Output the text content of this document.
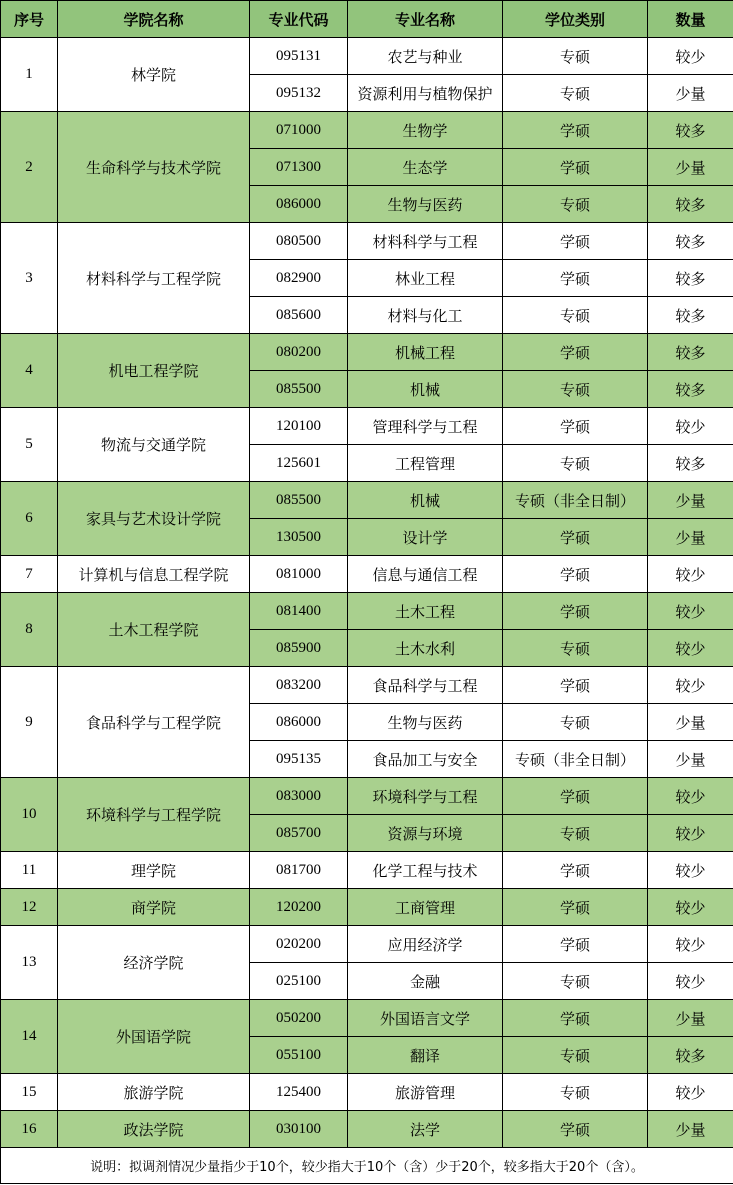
序号	学院名称	专业代码	专业名称	学位类别	数量
1	林学院	095131	农艺与种业	专硕	较少
		095132	资源利用与植物保护	专硕	少量
2	生命科学与技术学院	071000	生物学	学硕	较多
		071300	生态学	学硕	少量
		086000	生物与医药	专硕	较多
3	材料科学与工程学院	080500	材料科学与工程	学硕	较多
		082900	林业工程	学硕	较多
		085600	材料与化工	专硕	较多
4	机电工程学院	080200	机械工程	学硕	较多
		085500	机械	专硕	较多
5	物流与交通学院	120100	管理科学与工程	学硕	较少
		125601	工程管理	专硕	较多
6	家具与艺术设计学院	085500	机械	专硕（非全日制）	少量
		130500	设计学	学硕	少量
7	计算机与信息工程学院	081000	信息与通信工程	学硕	较少
8	土木工程学院	081400	土木工程	学硕	较少
		085900	土木水利	专硕	较少
9	食品科学与工程学院	083200	食品科学与工程	学硕	较少
		086000	生物与医药	专硕	少量
		095135	食品加工与安全	专硕（非全日制）	少量
10	环境科学与工程学院	083000	环境科学与工程	学硕	较少
		085700	资源与环境	专硕	较少
11	理学院	081700	化学工程与技术	学硕	较少
12	商学院	120200	工商管理	学硕	较少
13	经济学院	020200	应用经济学	学硕	较少
		025100	金融	专硕	较少
14	外国语学院	050200	外国语言文学	学硕	少量
		055100	翻译	专硕	较多
15	旅游学院	125400	旅游管理	专硕	较少
16	政法学院	030100	法学	学硕	少量
说明：拟调剂情况少量指少于10个，较少指大于10个（含）少于20个，较多指大于20个（含）。					
